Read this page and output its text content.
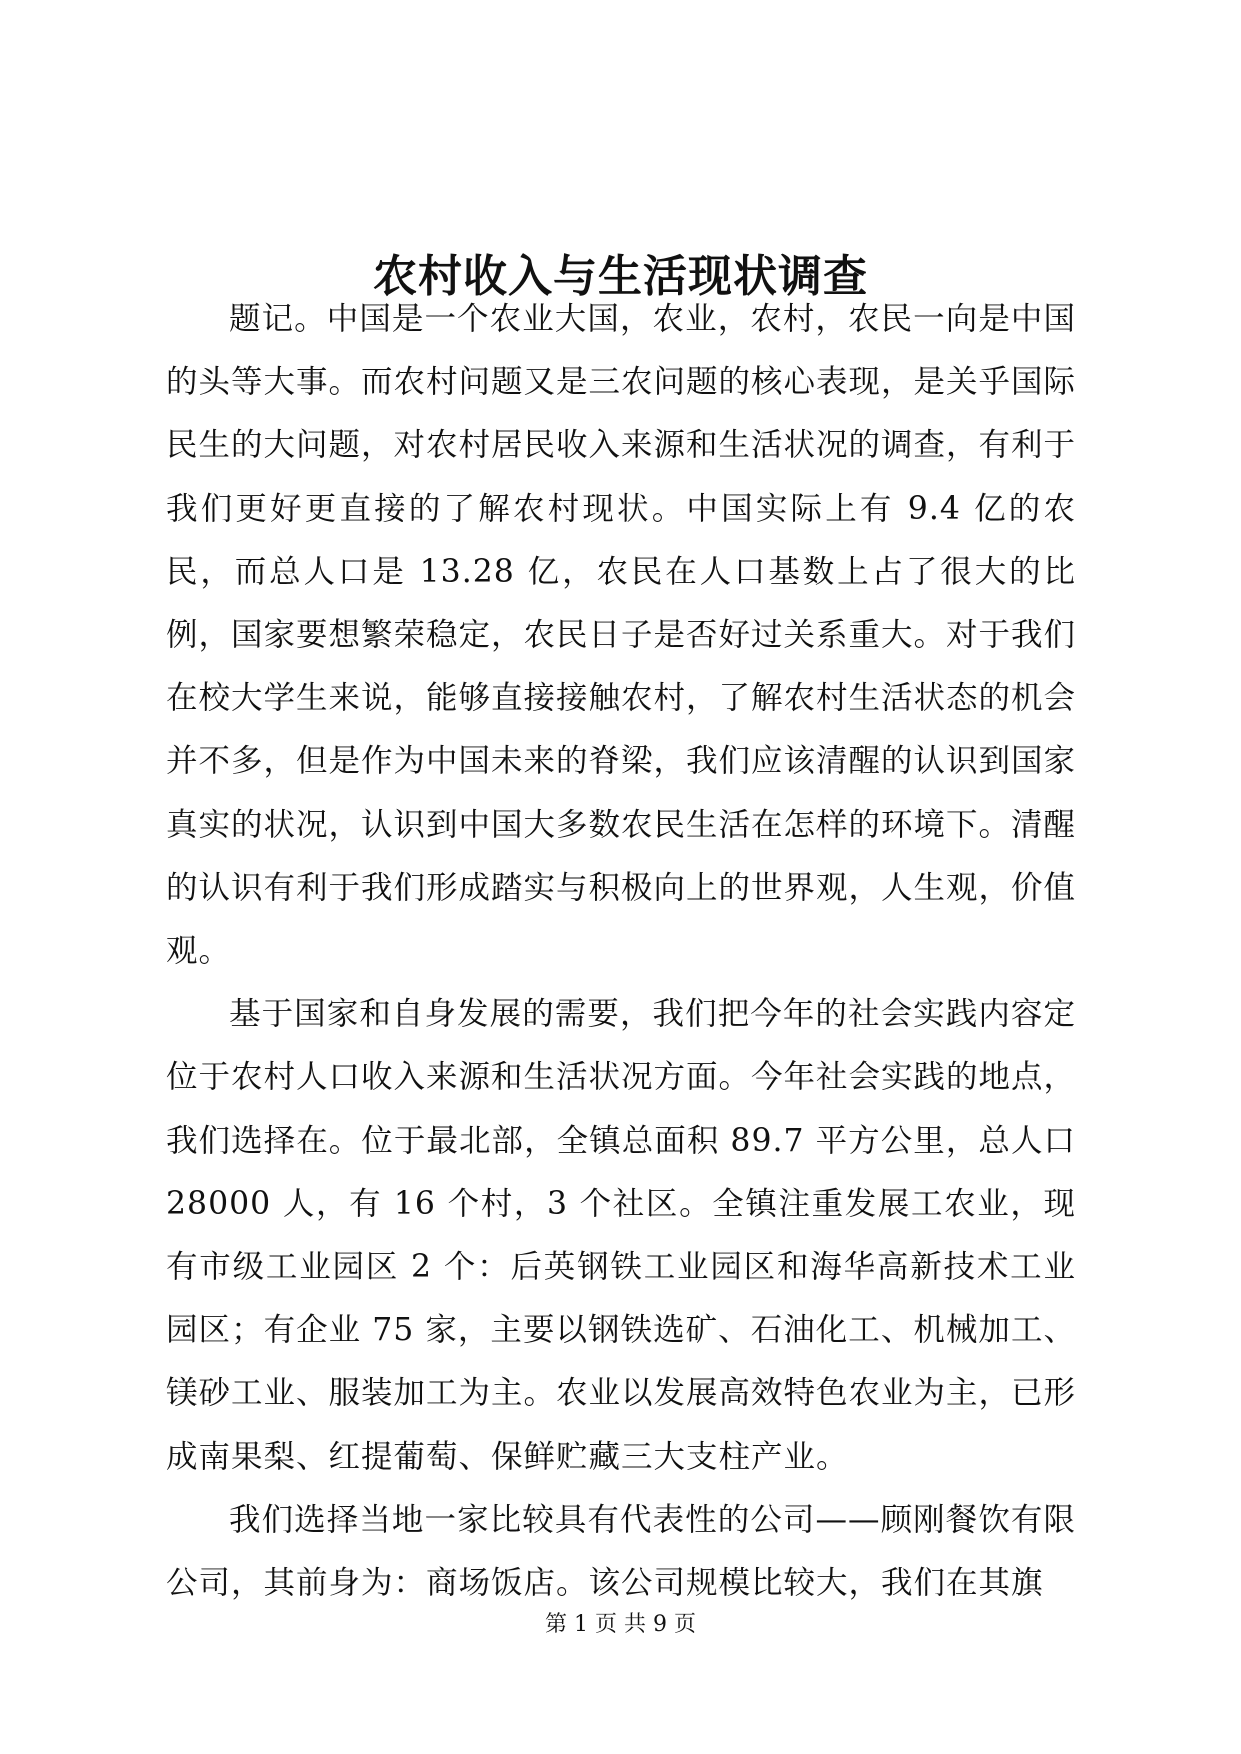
农村收入与生活现状调查

题记。中国是一个农业大国，农业，农村，农民一向是中国的头等大事。而农村问题又是三农问题的核心表现，是关乎国际民生的大问题，对农村居民收入来源和生活状况的调查，有利于我们更好更直接的了解农村现状。中国实际上有 9.4 亿的农民，而总人口是 13.28 亿，农民在人口基数上占了很大的比例，国家要想繁荣稳定，农民日子是否好过关系重大。对于我们在校大学生来说，能够直接接触农村，了解农村生活状态的机会并不多，但是作为中国未来的脊梁，我们应该清醒的认识到国家真实的状况，认识到中国大多数农民生活在怎样的环境下。清醒的认识有利于我们形成踏实与积极向上的世界观，人生观，价值观。

基于国家和自身发展的需要，我们把今年的社会实践内容定位于农村人口收入来源和生活状况方面。今年社会实践的地点，我们选择在。位于最北部，全镇总面积 89.7 平方公里，总人口 28000 人，有 16 个村，3 个社区。全镇注重发展工农业，现有市级工业园区 2 个：后英钢铁工业园区和海华高新技术工业园区；有企业 75 家，主要以钢铁选矿、石油化工、机械加工、镁砂工业、服装加工为主。农业以发展高效特色农业为主，已形成南果梨、红提葡萄、保鲜贮藏三大支柱产业。

我们选择当地一家比较具有代表性的公司——顾刚餐饮有限公司，其前身为：商场饭店。该公司规模比较大，我们在其旗

第 1 页 共 9 页
